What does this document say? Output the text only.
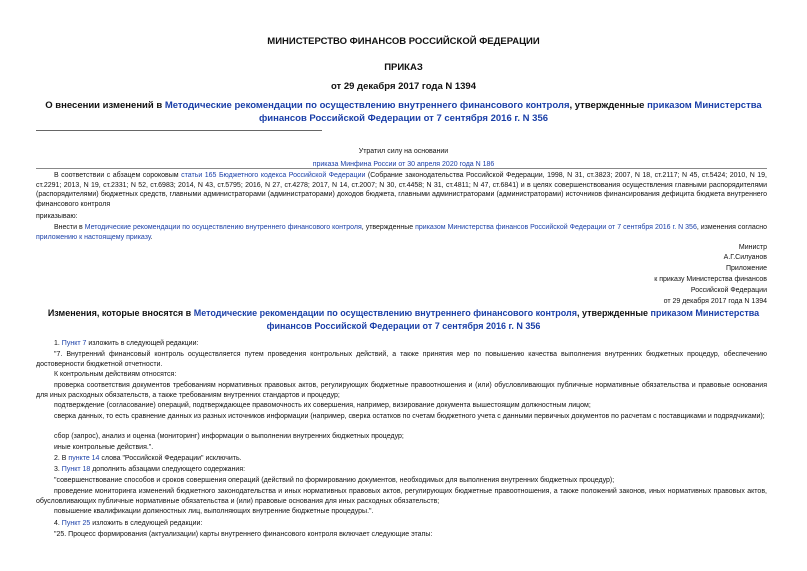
МИНИСТЕРСТВО ФИНАНСОВ РОССИЙСКОЙ ФЕДЕРАЦИИ
ПРИКАЗ
от 29 декабря 2017 года N 1394
О внесении изменений в Методические рекомендации по осуществлению внутреннего финансового контроля, утвержденные приказом Министерства финансов Российской Федерации от 7 сентября 2016 г. N 356
Утратил силу на основании
приказа Минфина России от 30 апреля 2020 года N 186
В соответствии с абзацем сороковым статьи 165 Бюджетного кодекса Российской Федерации (Собрание законодательства Российской Федерации, 1998, N 31, ст.3823; 2007, N 18, ст.2117; N 45, ст.5424; 2010, N 19, ст.2291; 2013, N 19, ст.2331; N 52, ст.6983; 2014, N 43, ст.5795; 2016, N 27, ст.4278; 2017, N 14, ст.2007; N 30, ст.4458; N 31, ст.4811; N 47, ст.6841) и в целях совершенствования осуществления главными распорядителями (распорядителями) бюджетных средств, главными администраторами (администраторами) доходов бюджета, главными администраторами (администраторами) источников финансирования дефицита бюджета внутреннего финансового контроля
приказываю:
Внести в Методические рекомендации по осуществлению внутреннего финансового контроля, утвержденные приказом Министерства финансов Российской Федерации от 7 сентября 2016 г. N 356, изменения согласно приложению к настоящему приказу.
Министр
А.Г.Силуанов
Приложение
к приказу Министерства финансов
Российской Федерации
от 29 декабря 2017 года N 1394
Изменения, которые вносятся в Методические рекомендации по осуществлению внутреннего финансового контроля, утвержденные приказом Министерства финансов Российской Федерации от 7 сентября 2016 г. N 356
1. Пункт 7 изложить в следующей редакции:
"7. Внутренний финансовый контроль осуществляется путем проведения контрольных действий, а также принятия мер по повышению качества выполнения внутренних бюджетных процедур, обеспечению достоверности бюджетной отчетности.
К контрольным действиям относятся:
проверка соответствия документов требованиям нормативных правовых актов, регулирующих бюджетные правоотношения и (или) обусловливающих публичные нормативные обязательства и правовые основания для иных расходных обязательств, а также требованиям внутренних стандартов и процедур;
подтверждение (согласование) операций, подтверждающее правомочность их совершения, например, визирование документа вышестоящим должностным лицом;
сверка данных, то есть сравнение данных из разных источников информации (например, сверка остатков по счетам бюджетного учета с данными первичных документов по расчетам с поставщиками и подрядчиками);
сбор (запрос), анализ и оценка (мониторинг) информации о выполнении внутренних бюджетных процедур;
иные контрольные действия.".
2. В пункте 14 слова "Российской Федерации" исключить.
3. Пункт 18 дополнить абзацами следующего содержания:
"совершенствование способов и сроков совершения операций (действий по формированию документов, необходимых для выполнения внутренних бюджетных процедур);
проведение мониторинга изменений бюджетного законодательства и иных нормативных правовых актов, регулирующих бюджетные правоотношения, а также положений законов, иных нормативных правовых актов, обусловливающих публичные нормативные обязательства и (или) правовые основания для иных расходных обязательств;
повышение квалификации должностных лиц, выполняющих внутренние бюджетные процедуры.".
4. Пункт 25 изложить в следующей редакции:
"25. Процесс формирования (актуализации) карты внутреннего финансового контроля включает следующие этапы:
